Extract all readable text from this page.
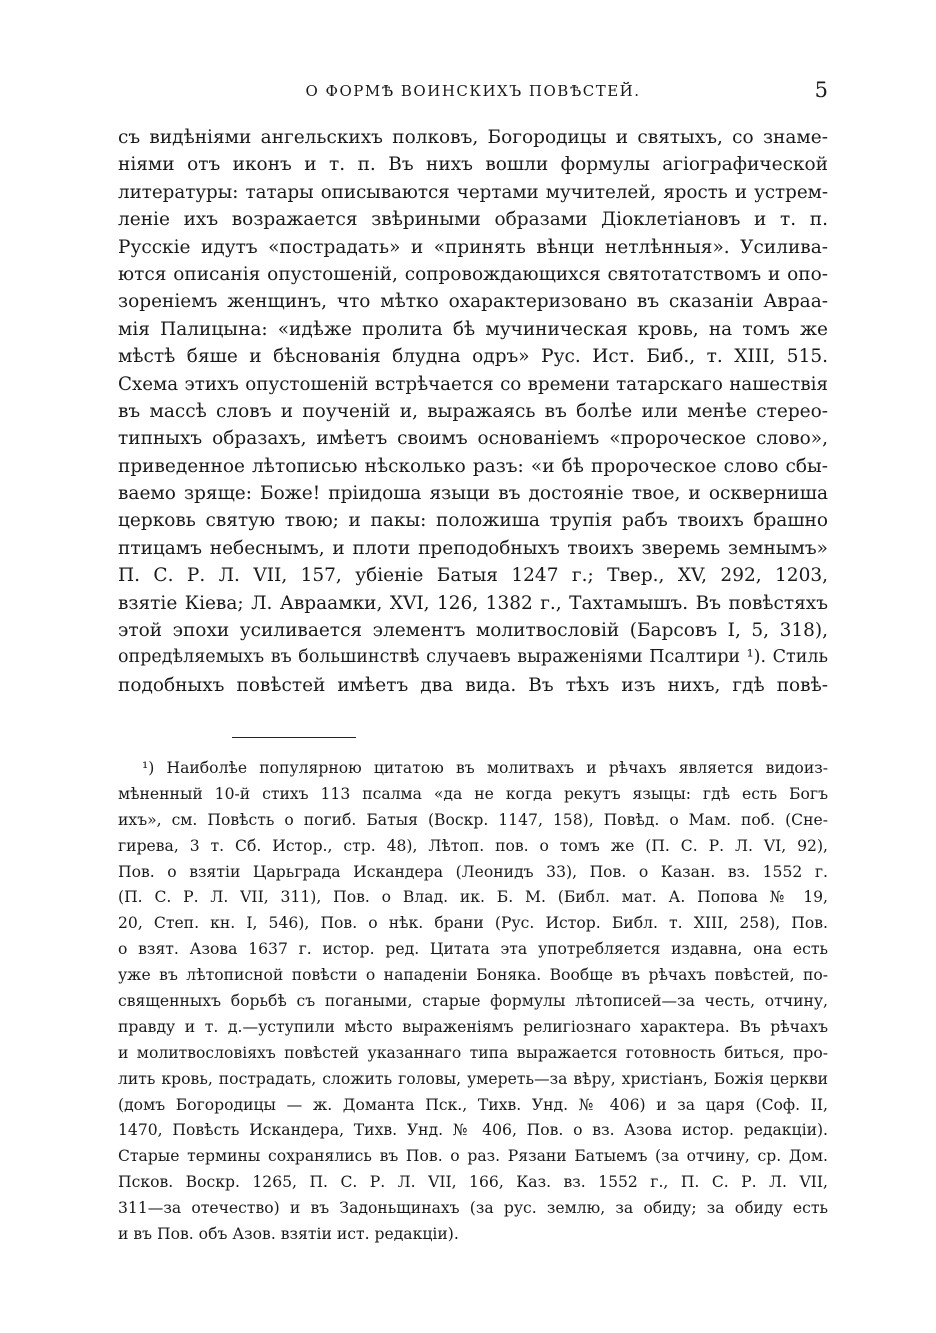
О ФОРМѢ ВОИНСКИХЪ ПОВѢСТЕЙ.	5
съ видѣніями ангельскихъ полковъ, Богородицы и святыхъ, со знаме-
ніями отъ иконъ и т. п. Въ нихъ вошли формулы агіографической
литературы: татары описываются чертами мучителей, ярость и устрем-
леніе ихъ возражается звѣриными образами Діоклетіановъ и т. п.
Русскіе идутъ «пострадать» и «принять вѣнци нетлѣнныя». Усилива-
ются описанія опустошеній, сопровождающихся святотатствомъ и опо-
зореніемъ женщинъ, что мѣтко охарактеризовано въ сказаніи Авраа-
мія Палицына: «идѣже пролита бѣ мучиническая кровь, на томъ же
мѣстѣ бяше и бѣснованія блудна одръ» Рус. Ист. Биб., т. XIII, 515.
Схема этихъ опустошеній встрѣчается со времени татарскаго нашествія
въ массѣ словъ и поученій и, выражаясь въ болѣе или менѣе стерео-
типныхъ образахъ, имѣетъ своимъ основаніемъ «пророческое слово»,
приведенное лѣтописью нѣсколько разъ: «и бѣ пророческое слово сбы-
ваемо зряще: Боже! пріидоша языци въ достояніе твое, и оскверниша
церковь святую твою; и пакы: положиша трупія рабъ твоихъ брашно
птицамъ небеснымъ, и плоти преподобныхъ твоихъ зверемь земнымъ»
П. С. Р. Л. VII, 157, убіеніе Батыя 1247 г.; Твер., XV, 292, 1203,
взятіе Кіева; Л. Авраамки, XVI, 126, 1382 г., Тахтамышъ. Въ повѣстяхъ
этой эпохи усиливается элементъ молитвословій (Барсовъ I, 5, 318),
опредѣляемыхъ въ большинствѣ случаевъ выраженіями Псалтири ¹). Стиль
подобныхъ повѣстей имѣетъ два вида. Въ тѣхъ изъ нихъ, гдѣ повѣ-
¹) Наиболѣе популярною цитатою въ молитвахъ и рѣчахъ является видоиз-
мѣненный 10-й стихъ 113 псалма «да не когда рекутъ языцы: гдѣ есть Богъ
ихъ», см. Повѣсть о погиб. Батыя (Воскр. 1147, 158), Повѣд. о Мам. поб. (Сне-
гирева, 3 т. Сб. Истор., стр. 48), Лѣтоп. пов. о томъ же (П. С. Р. Л. VI, 92),
Пов. о взятіи Царьграда Искандера (Леонидъ 33), Пов. о Казан. вз. 1552 г.
(П. С. Р. Л. VII, 311), Пов. о Влад. ик. Б. М. (Библ. мат. А. Попова № 19,
20, Степ. кн. I, 546), Пов. о нѣк. брани (Рус. Истор. Библ. т. XIII, 258), Пов.
о взят. Азова 1637 г. истор. ред. Цитата эта употребляется издавна, она есть
уже въ лѣтописной повѣсти о нападеніи Боняка. Вообще въ рѣчахъ повѣстей, по-
священныхъ борьбѣ съ погаными, старые формулы лѣтописей—за честь, отчину,
правду и т. д.—уступили мѣсто выраженіямъ религіознаго характера. Въ рѣчахъ
и молитвословіяхъ повѣстей указаннаго типа выражается готовность биться, про-
лить кровь, пострадать, сложить головы, умереть—за вѣру, христіанъ, Божія церкви
(домъ Богородицы — ж. Доманта Пск., Тихв. Унд. № 406) и за царя (Соф. II,
1470, Повѣсть Искандера, Тихв. Унд. № 406, Пов. о вз. Азова истор. редакціи).
Старые термины сохранялись въ Пов. о раз. Рязани Батыемъ (за отчину, ср. Дом.
Псков. Воскр. 1265, П. С. Р. Л. VII, 166, Каз. вз. 1552 г., П. С. Р. Л. VII,
311—за отечество) и въ Задоньщинахъ (за рус. землю, за обиду; за обиду есть
и въ Пов. объ Азов. взятіи ист. редакціи).
